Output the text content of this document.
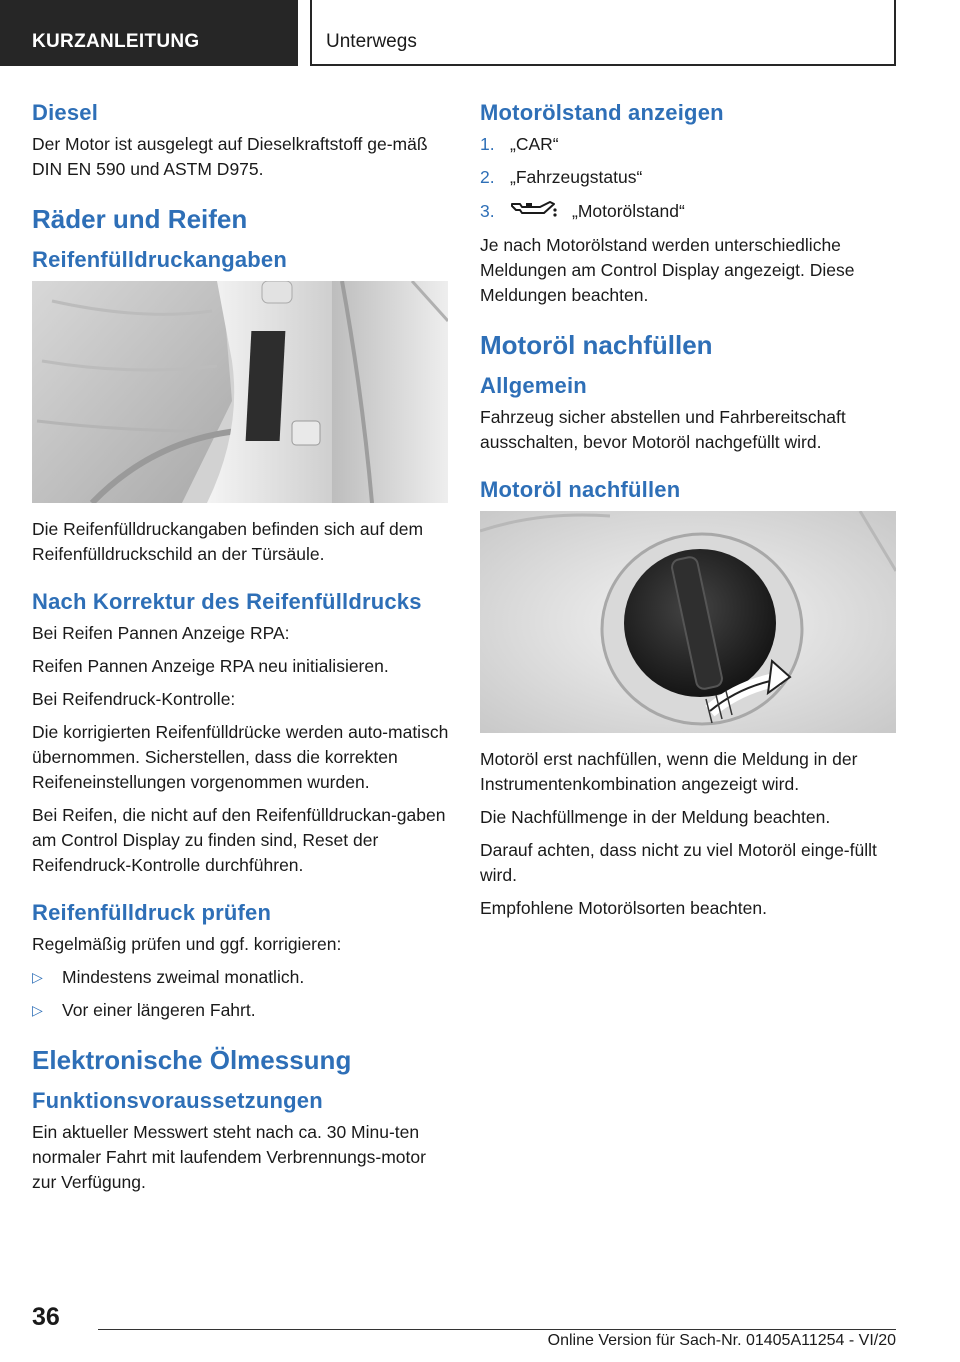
KURZANLEITUNG	Unterwegs
Diesel
Der Motor ist ausgelegt auf Dieselkraftstoff ge-mäß DIN EN 590 und ASTM D975.
Räder und Reifen
Reifenfülldruckangaben
Die Reifenfülldruckangaben befinden sich auf dem Reifenfülldruckschild an der Türsäule.
Nach Korrektur des Reifenfülldrucks
Bei Reifen Pannen Anzeige RPA:
Reifen Pannen Anzeige RPA neu initialisieren.
Bei Reifendruck-Kontrolle:
Die korrigierten Reifenfülldrücke werden auto-matisch übernommen. Sicherstellen, dass die korrekten Reifeneinstellungen vorgenommen wurden.
Bei Reifen, die nicht auf den Reifenfülldruckan-gaben am Control Display zu finden sind, Reset der Reifendruck-Kontrolle durchführen.
Reifenfülldruck prüfen
Regelmäßig prüfen und ggf. korrigieren:
▷	Mindestens zweimal monatlich.
▷	Vor einer längeren Fahrt.
Elektronische Ölmessung
Funktionsvoraussetzungen
Ein aktueller Messwert steht nach ca. 30 Minu-ten normaler Fahrt mit laufendem Verbrennungs-motor zur Verfügung.
Motorölstand anzeigen
1. „CAR“
2. „Fahrzeugstatus“
3.	„Motorölstand“
Je nach Motorölstand werden unterschiedliche Meldungen am Control Display angezeigt. Diese Meldungen beachten.
Motoröl nachfüllen
Allgemein
Fahrzeug sicher abstellen und Fahrbereitschaft ausschalten, bevor Motoröl nachgefüllt wird.
Motoröl nachfüllen
Motoröl erst nachfüllen, wenn die Meldung in der Instrumentenkombination angezeigt wird.
Die Nachfüllmenge in der Meldung beachten.
Darauf achten, dass nicht zu viel Motoröl einge-füllt wird.
Empfohlene Motorölsorten beachten.
36
Online Version für Sach-Nr. 01405A11254 - VI/20
